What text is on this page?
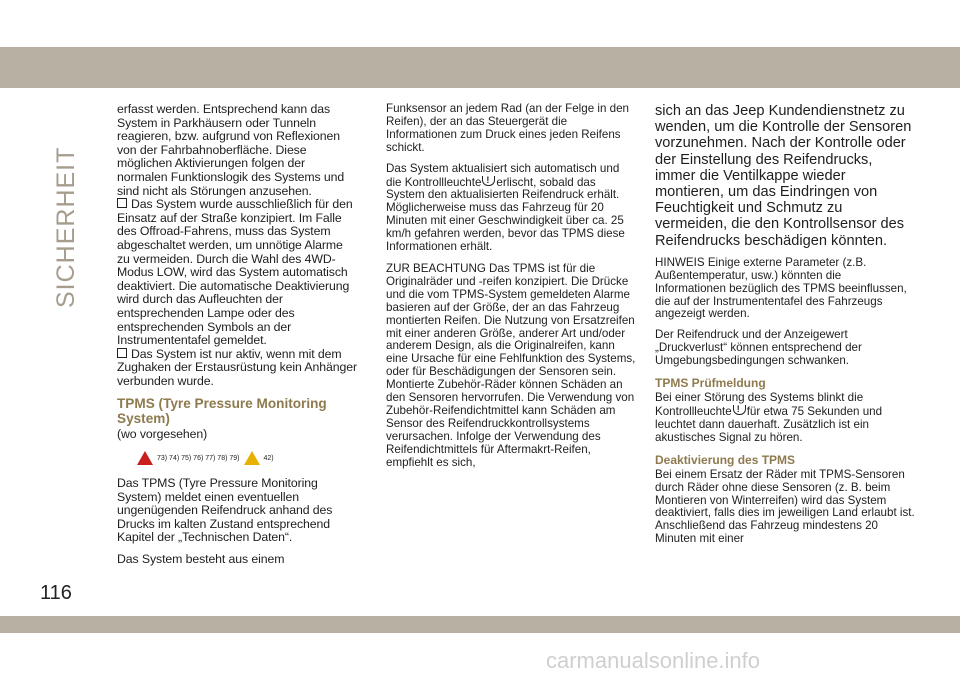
SICHERHEIT

erfasst werden. Entsprechend kann das System in Parkhäusern oder Tunneln reagieren, bzw. aufgrund von Reflexionen von der Fahrbahnoberfläche. Diese möglichen Aktivierungen folgen der normalen Funktionslogik des Systems und sind nicht als Störungen anzusehen.

Das System wurde ausschließlich für den Einsatz auf der Straße konzipiert. Im Falle des Offroad-Fahrens, muss das System abgeschaltet werden, um unnötige Alarme zu vermeiden. Durch die Wahl des 4WD-Modus LOW, wird das System automatisch deaktiviert. Die automatische Deaktivierung wird durch das Aufleuchten der entsprechenden Lampe oder des entsprechenden Symbols an der Instrumententafel gemeldet.

Das System ist nur aktiv, wenn mit dem Zughaken der Erstausrüstung kein Anhänger verbunden wurde.

TPMS (Tyre Pressure Monitoring System)

(wo vorgesehen)

73) 74) 75) 76) 77) 78) 79)	42)

Das TPMS (Tyre Pressure Monitoring System) meldet einen eventuellen ungenügenden Reifendruck anhand des Drucks im kalten Zustand entsprechend Kapitel der „Technischen Daten“.

Das System besteht aus einem

Funksensor an jedem Rad (an der Felge in den Reifen), der an das Steuergerät die Informationen zum Druck eines jeden Reifens schickt.

Das System aktualisiert sich automatisch und die Kontrollleuchte ! erlischt, sobald das System den aktualisierten Reifendruck erhält. Möglicherweise muss das Fahrzeug für 20 Minuten mit einer Geschwindigkeit über ca. 25 km/h gefahren werden, bevor das TPMS diese Informationen erhält.

ZUR BEACHTUNG Das TPMS ist für die Originalräder und -reifen konzipiert. Die Drücke und die vom TPMS-System gemeldeten Alarme basieren auf der Größe, der an das Fahrzeug montierten Reifen. Die Nutzung von Ersatzreifen mit einer anderen Größe, anderer Art und/oder anderem Design, als die Originalreifen, kann eine Ursache für eine Fehlfunktion des Systems, oder für Beschädigungen der Sensoren sein. Montierte Zubehör-Räder können Schäden an den Sensoren hervorrufen. Die Verwendung von Zubehör-Reifendichtmittel kann Schäden am Sensor des Reifendruckkontrollsystems verursachen. Infolge der Verwendung des Reifendichtmittels für Aftermakrt-Reifen, empfiehlt es sich,

sich an das Jeep Kundendienstnetz zu wenden, um die Kontrolle der Sensoren vorzunehmen. Nach der Kontrolle oder der Einstellung des Reifendrucks, immer die Ventilkappe wieder montieren, um das Eindringen von Feuchtigkeit und Schmutz zu vermeiden, die den Kontrollsensor des Reifendrucks beschädigen könnten.

HINWEIS Einige externe Parameter (z.B. Außentemperatur, usw.) könnten die Informationen bezüglich des TPMS beeinflussen, die auf der Instrumententafel des Fahrzeugs angezeigt werden.

Der Reifendruck und der Anzeigewert „Druckverlust“ können entsprechend der Umgebungsbedingungen schwanken.

TPMS Prüfmeldung

Bei einer Störung des Systems blinkt die Kontrollleuchte ! für etwa 75 Sekunden und leuchtet dann dauerhaft. Zusätzlich ist ein akustisches Signal zu hören.

Deaktivierung des TPMS

Bei einem Ersatz der Räder mit TPMS-Sensoren durch Räder ohne diese Sensoren (z. B. beim Montieren von Winterreifen) wird das System deaktiviert, falls dies im jeweiligen Land erlaubt ist. Anschließend das Fahrzeug mindestens 20 Minuten mit einer

116
carmanualsonline.info
